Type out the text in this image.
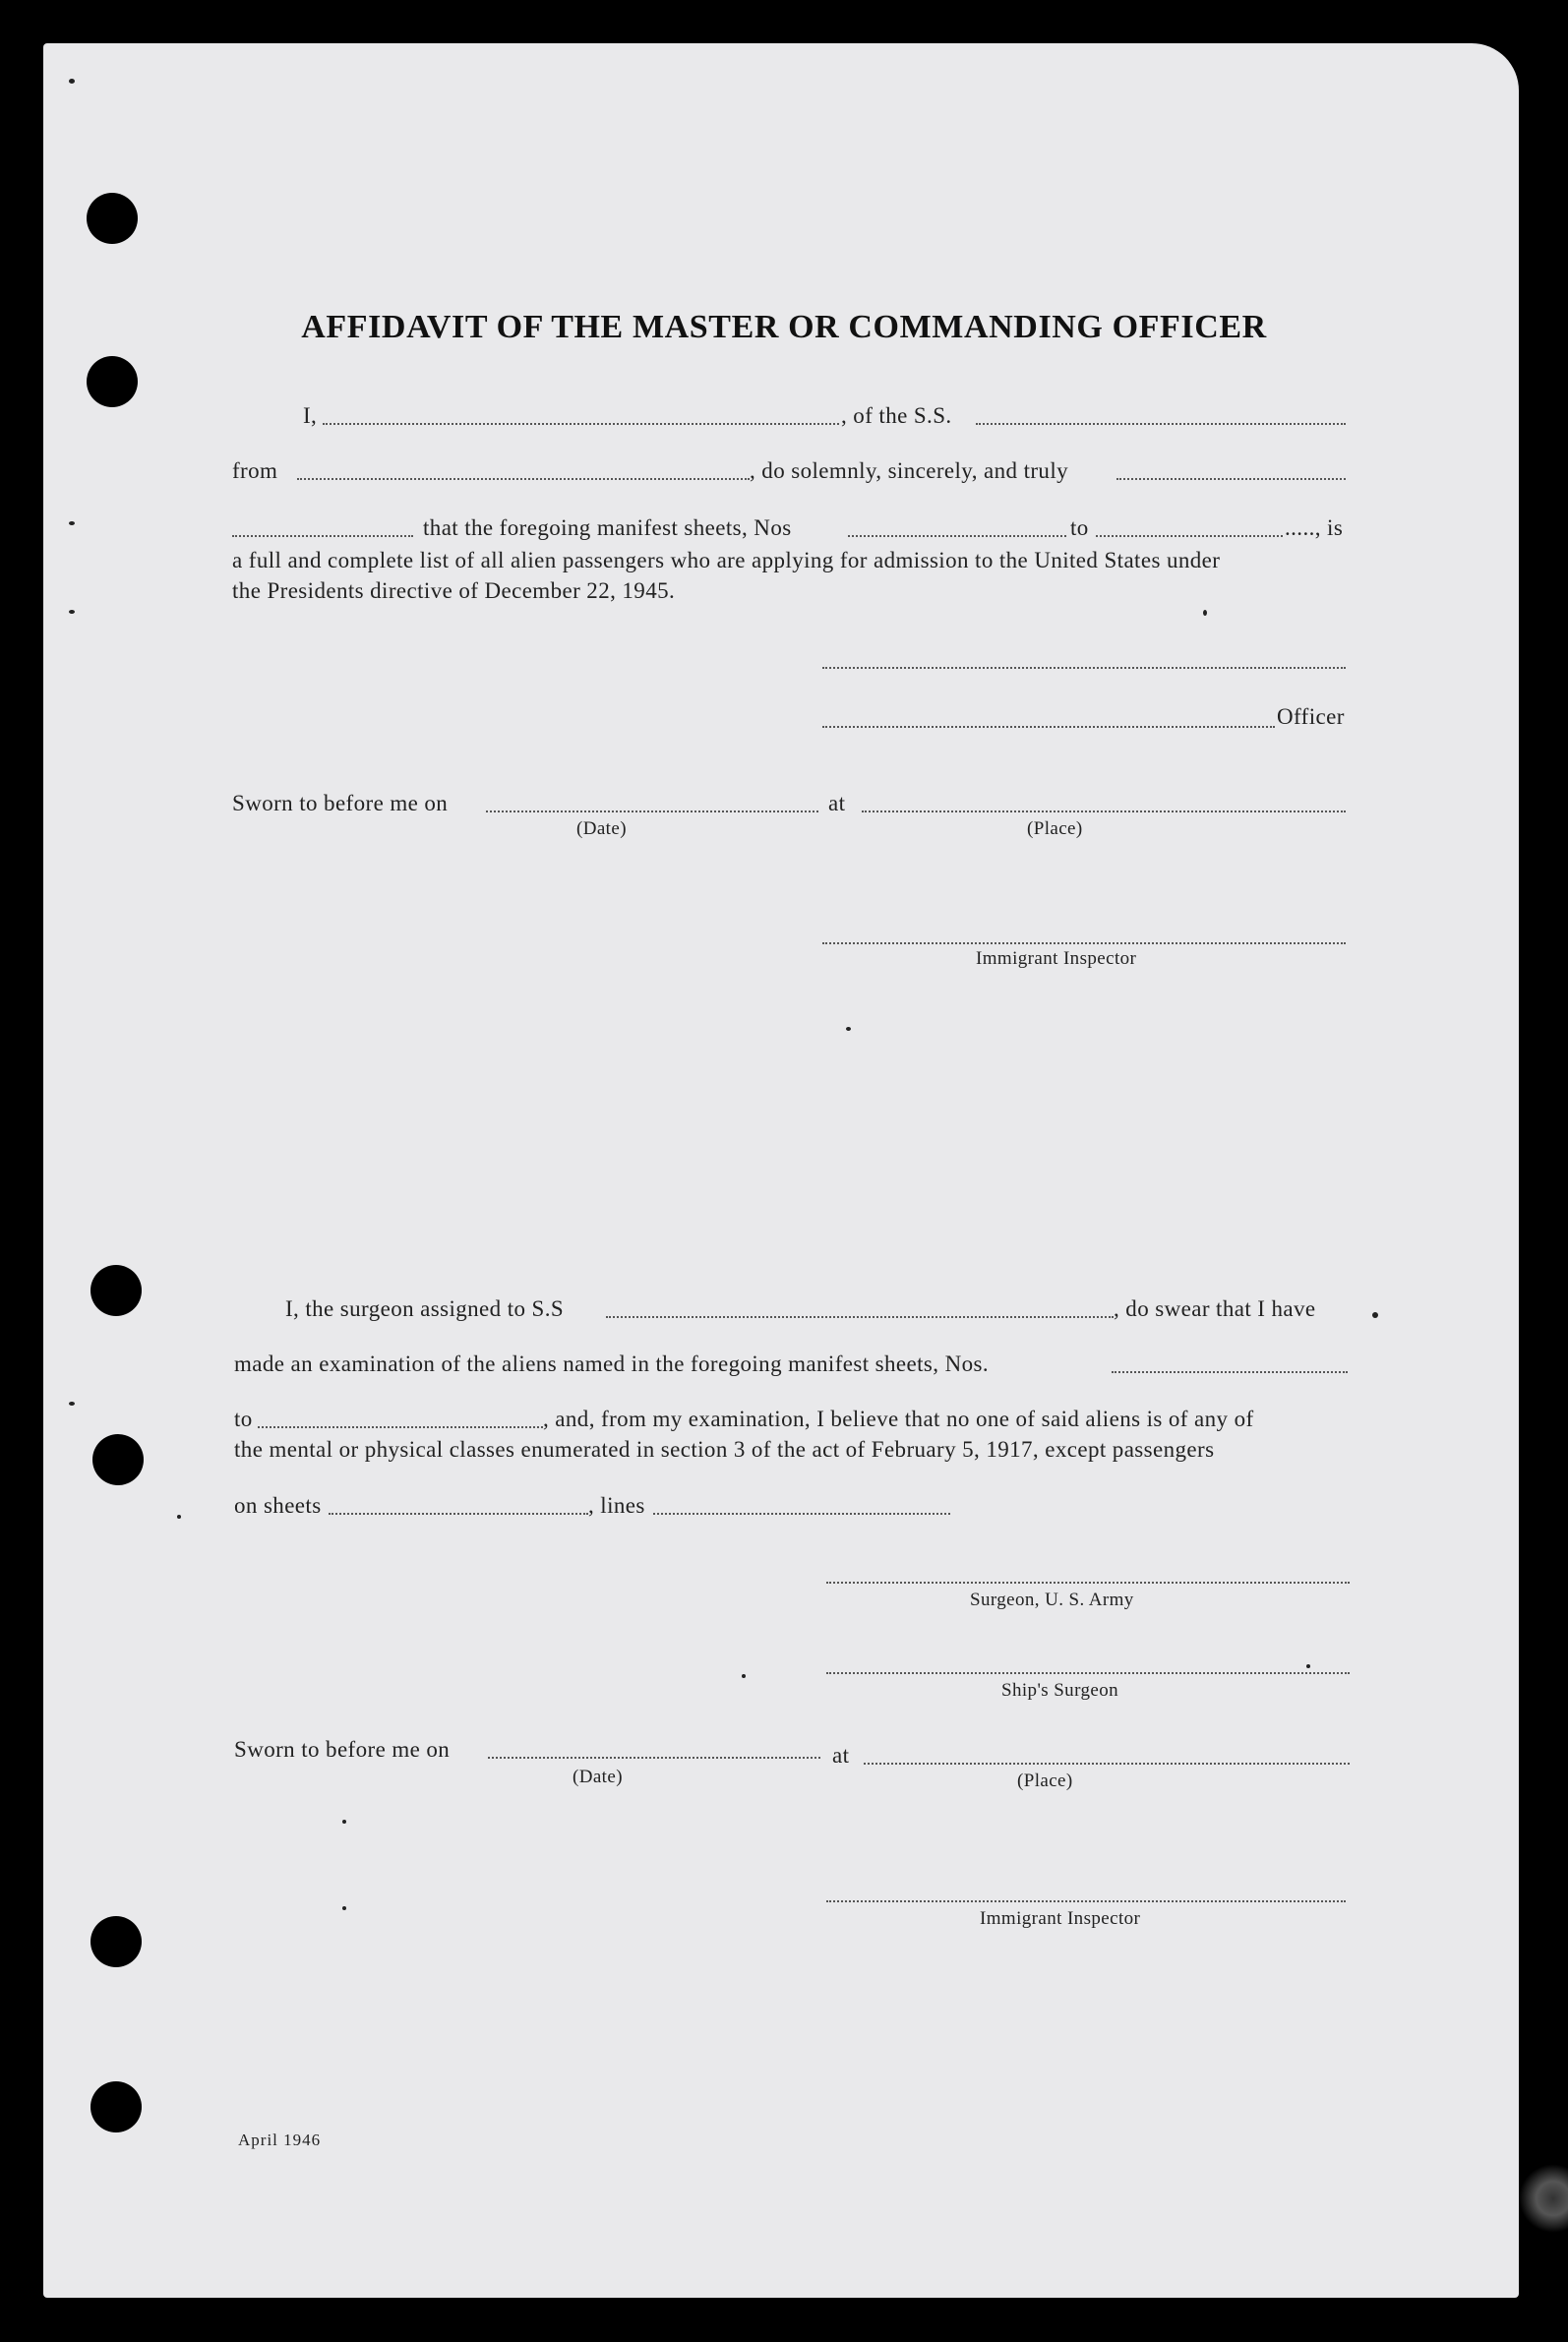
AFFIDAVIT OF THE MASTER OR COMMANDING OFFICER
I,	, of the S.S.
from	, do solemnly, sincerely, and truly
that the foregoing manifest sheets, Nos	to	....., is
a full and complete list of all alien passengers who are applying for admission to the United States under
the Presidents directive of December 22, 1945.
Officer
Sworn to before me on	at
(Date)	(Place)
Immigrant Inspector
I, the surgeon assigned to S.S	, do swear that I have
made an examination of the aliens named in the foregoing manifest sheets, Nos.
to	, and, from my examination, I believe that no one of said aliens is of any of
the mental or physical classes enumerated in section 3 of the act of February 5, 1917, except passengers
on sheets	, lines
Surgeon, U. S. Army
Ship's Surgeon
Sworn to before me on	at
(Date)	(Place)
Immigrant Inspector
April 1946
